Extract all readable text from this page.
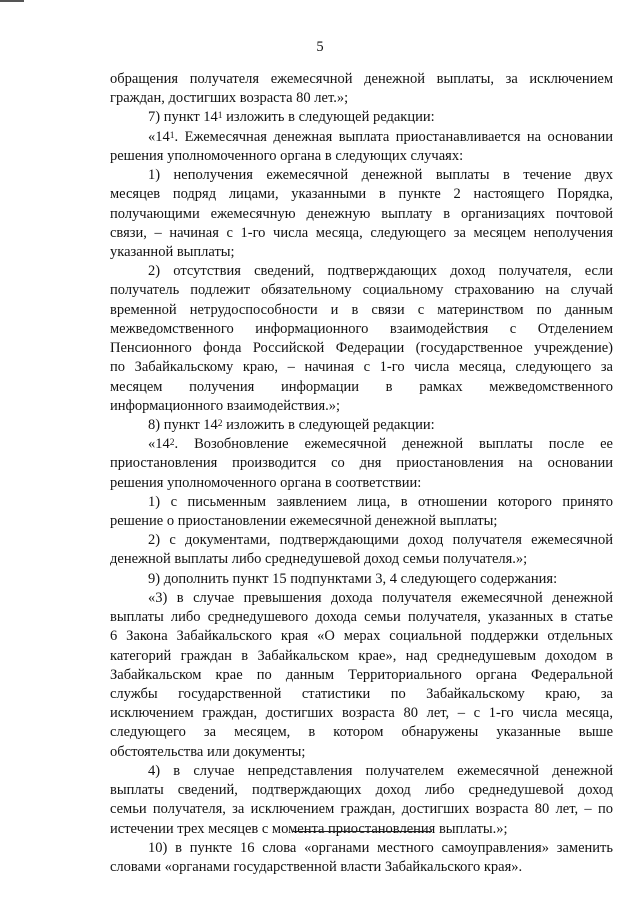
5
обращения получателя ежемесячной денежной выплаты, за исключением
граждан, достигших возраста 80 лет.»;
7) пункт $14^1$ изложить в следующей редакции:
«$14^1$. Ежемесячная денежная выплата приостанавливается на основании
решения уполномоченного органа в следующих случаях:
1) неполучения ежемесячной денежной выплаты в течение двух
месяцев подряд лицами, указанными в пункте 2 настоящего Порядка,
получающими ежемесячную денежную выплату в организациях почтовой
связи, – начиная с 1-го числа месяца, следующего за месяцем неполучения
указанной выплаты;
2) отсутствия сведений, подтверждающих доход получателя, если
получатель подлежит обязательному социальному страхованию на случай
временной нетрудоспособности и в связи с материнством по данным
межведомственного информационного взаимодействия с Отделением
Пенсионного фонда Российской Федерации (государственное учреждение)
по Забайкальскому краю, – начиная с 1-го числа месяца, следующего за
месяцем получения информации в рамках межведомственного
информационного взаимодействия.»;
8) пункт $14^2$ изложить в следующей редакции:
«$14^2$. Возобновление ежемесячной денежной выплаты после ее
приостановления производится со дня приостановления на основании
решения уполномоченного органа в соответствии:
1) с письменным заявлением лица, в отношении которого принято
решение о приостановлении ежемесячной денежной выплаты;
2) с документами, подтверждающими доход получателя ежемесячной
денежной выплаты либо среднедушевой доход семьи получателя.»;
9) дополнить пункт 15 подпунктами 3, 4 следующего содержания:
«3) в случае превышения дохода получателя ежемесячной денежной
выплаты либо среднедушевого дохода семьи получателя, указанных в статье
6 Закона Забайкальского края «О мерах социальной поддержки отдельных
категорий граждан в Забайкальском крае», над среднедушевым доходом в
Забайкальском крае по данным Территориального органа Федеральной
службы государственной статистики по Забайкальскому краю, за
исключением граждан, достигших возраста 80 лет, – с 1-го числа месяца,
следующего за месяцем, в котором обнаружены указанные выше
обстоятельства или документы;
4) в случае непредставления получателем ежемесячной денежной
выплаты сведений, подтверждающих доход либо среднедушевой доход
семьи получателя, за исключением граждан, достигших возраста 80 лет, – по
истечении трех месяцев с момента приостановления выплаты.»;
10) в пункте 16 слова «органами местного самоуправления» заменить
словами «органами государственной власти Забайкальского края».
